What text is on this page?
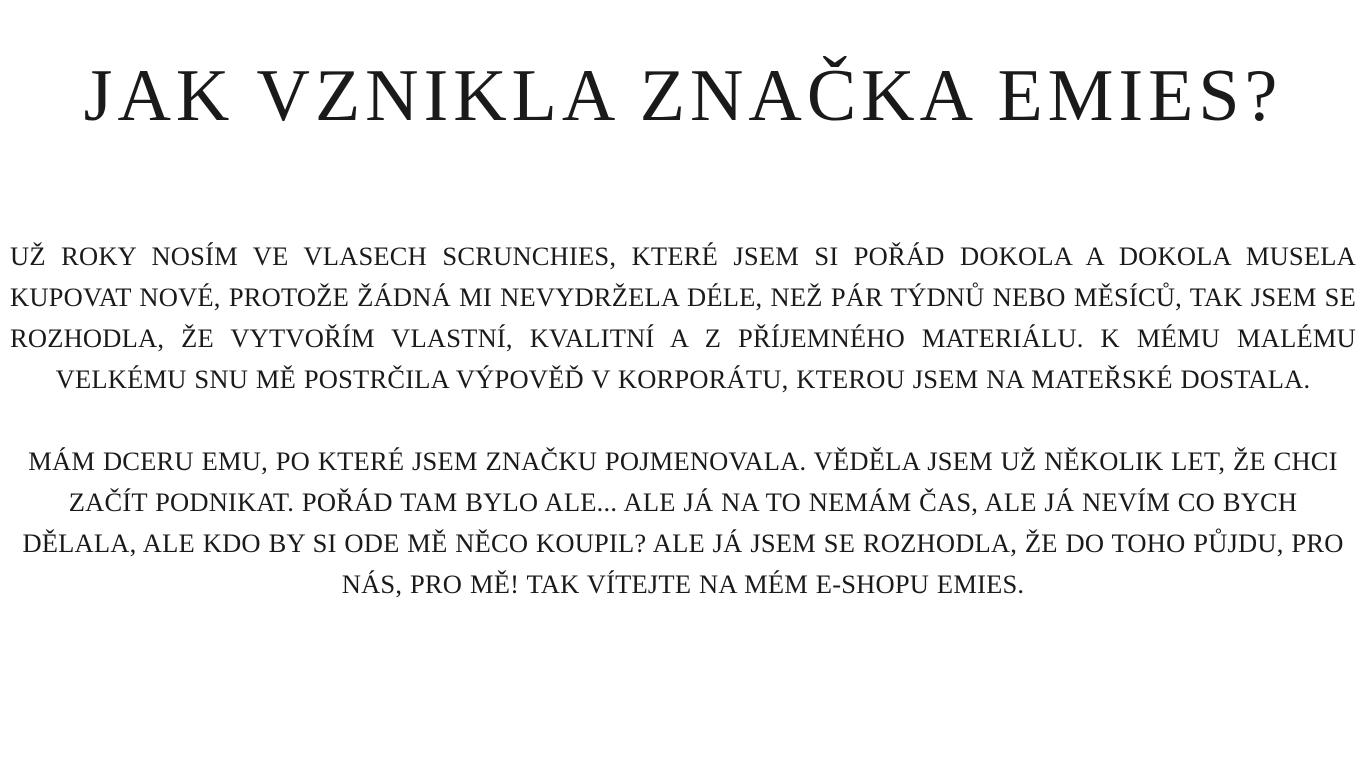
JAK VZNIKLA ZNAČKA EMIES?

UŽ ROKY NOSÍM VE VLASECH SCRUNCHIES, KTERÉ JSEM SI POŘÁD DOKOLA A DOKOLA MUSELA KUPOVAT NOVÉ, PROTOŽE ŽÁDNÁ MI NEVYDRŽELA DÉLE, NEŽ PÁR TÝDNŮ NEBO MĚSÍCŮ, TAK JSEM SE ROZHODLA, ŽE VYTVOŘÍM VLASTNÍ, KVALITNÍ A Z PŘÍJEMNÉHO MATERIÁLU. K MÉMU MALÉMU VELKÉMU SNU MĚ POSTRČILA VÝPOVĚĎ V KORPORÁTU, KTEROU JSEM NA MATEŘSKÉ DOSTALA.

MÁM DCERU EMU, PO KTERÉ JSEM ZNAČKU POJMENOVALA. VĚDĚLA JSEM UŽ NĚKOLIK LET, ŽE CHCI ZAČÍT PODNIKAT. POŘÁD TAM BYLO ALE... ALE JÁ NA TO NEMÁM ČAS, ALE JÁ NEVÍM CO BYCH DĚLALA, ALE KDO BY SI ODE MĚ NĚCO KOUPIL? ALE JÁ JSEM SE ROZHODLA, ŽE DO TOHO PŮJDU, PRO NÁS, PRO MĚ! TAK VÍTEJTE NA MÉM E-SHOPU EMIES.
